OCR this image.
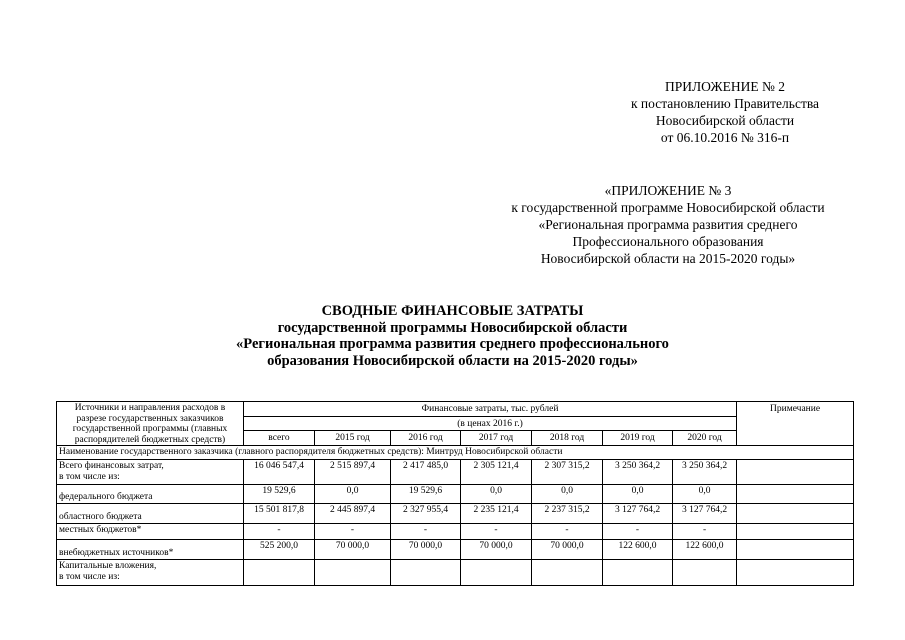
ПРИЛОЖЕНИЕ № 2
к постановлению Правительства
Новосибирской области
от 06.10.2016 № 316-п
«ПРИЛОЖЕНИЕ № 3
к государственной программе Новосибирской области
«Региональная программа развития среднего
Профессионального образования
Новосибирской области на 2015-2020 годы»
СВОДНЫЕ ФИНАНСОВЫЕ ЗАТРАТЫ
государственной программы Новосибирской области
«Региональная программа развития среднего профессионального
образования Новосибирской области на 2015-2020 годы»
Источники и направления расходов в разрезе государственных заказчиков государственной программы (главных распорядителей бюджетных средств)	Финансовые затраты, тыс. рублей							Примечание
	(в ценах 2016 г.)							
	всего	2015 год	2016 год	2017 год	2018 год	2019 год	2020 год	
Наименование государственного заказчика (главного распорядителя бюджетных средств): Минтруд Новосибирской области								
Всего финансовых затрат,
в том числе из:	16 046 547,4	2 515 897,4	2 417 485,0	2 305 121,4	2 307 315,2	3 250 364,2	3 250 364,2	
федерального бюджета	19 529,6	0,0	19 529,6	0,0	0,0	0,0	0,0	
областного бюджета	15 501 817,8	2 445 897,4	2 327 955,4	2 235 121,4	2 237 315,2	3 127 764,2	3 127 764,2	
местных бюджетов*	-	-	-	-	-	-	-	
внебюджетных источников*	525 200,0	70 000,0	70 000,0	70 000,0	70 000,0	122 600,0	122 600,0	
Капитальные вложения,
в том числе из:								
